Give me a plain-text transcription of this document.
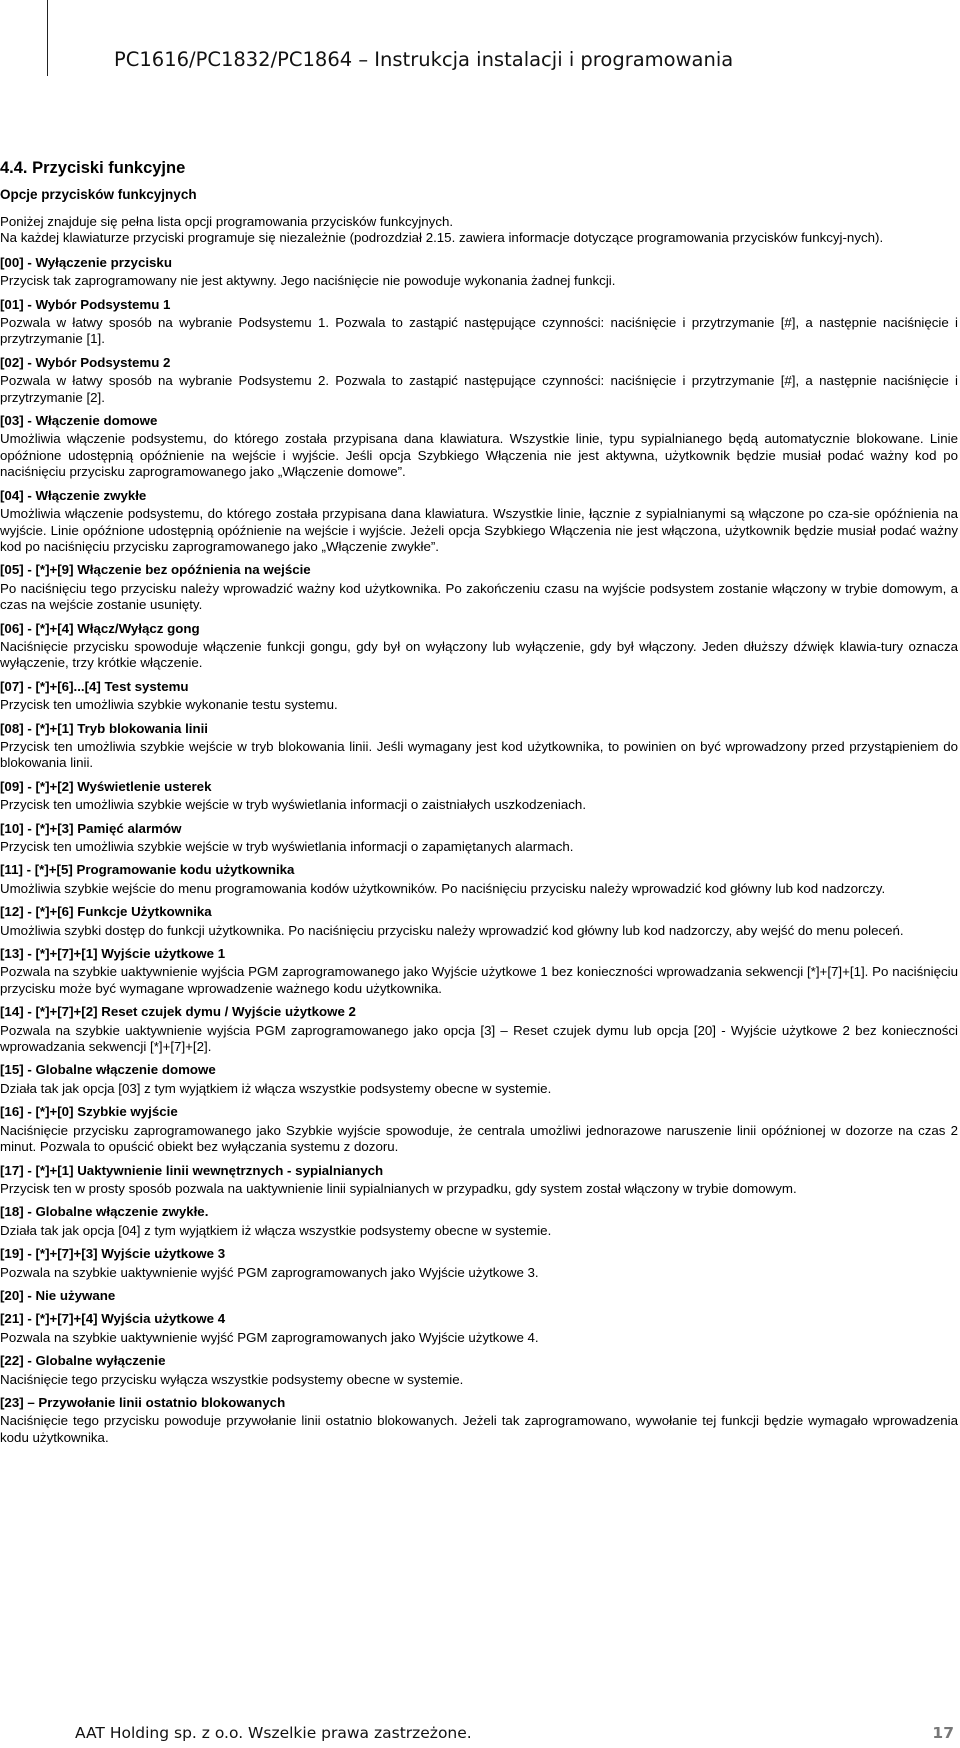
PC1616/PC1832/PC1864 – Instrukcja instalacji i programowania
4.4. Przyciski funkcyjne
Opcje przycisków funkcyjnych

Poniżej znajduje się pełna lista opcji programowania przycisków funkcyjnych.

Na każdej klawiaturze przyciski programuje się niezależnie (podrozdział 2.15. zawiera informacje dotyczące programowania przycisków funkcyj-nych).

[00] - Wyłączenie przycisku

Przycisk tak zaprogramowany nie jest aktywny. Jego naciśnięcie nie powoduje wykonania żadnej funkcji.

[01] - Wybór Podsystemu 1

Pozwala w łatwy sposób na wybranie Podsystemu 1. Pozwala to zastąpić następujące czynności: naciśnięcie i przytrzymanie [#], a następnie naciśnięcie i przytrzymanie [1].

[02] - Wybór Podsystemu 2

Pozwala w łatwy sposób na wybranie Podsystemu 2. Pozwala to zastąpić następujące czynności: naciśnięcie i przytrzymanie [#], a następnie naciśnięcie i przytrzymanie [2].

[03] - Włączenie domowe

Umożliwia włączenie podsystemu, do którego została przypisana dana klawiatura. Wszystkie linie, typu sypialnianego będą automatycznie blokowane. Linie opóźnione udostępnią opóźnienie na wejście i wyjście. Jeśli opcja Szybkiego Włączenia nie jest aktywna, użytkownik będzie musiał podać ważny kod po naciśnięciu przycisku zaprogramowanego jako „Włączenie domowe”.

[04] - Włączenie zwykłe

Umożliwia włączenie podsystemu, do którego została przypisana dana klawiatura. Wszystkie linie, łącznie z sypialnianymi są włączone po cza-sie opóźnienia na wyjście. Linie opóźnione udostępnią opóźnienie na wejście i wyjście. Jeżeli opcja Szybkiego Włączenia nie jest włączona, użytkownik będzie musiał podać ważny kod po naciśnięciu przycisku zaprogramowanego jako „Włączenie zwykłe”.

[05] - [*]+[9] Włączenie bez opóźnienia na wejście

Po naciśnięciu tego przycisku należy wprowadzić ważny kod użytkownika. Po zakończeniu czasu na wyjście podsystem zostanie włączony w trybie domowym, a czas na wejście zostanie usunięty.

[06] - [*]+[4] Włącz/Wyłącz gong

Naciśnięcie przycisku spowoduje włączenie funkcji gongu, gdy był on wyłączony lub wyłączenie, gdy był włączony. Jeden dłuższy dźwięk klawia-tury oznacza wyłączenie, trzy krótkie włączenie.

[07] - [*]+[6]...[4] Test systemu

Przycisk ten umożliwia szybkie wykonanie testu systemu.

[08] - [*]+[1] Tryb blokowania linii

Przycisk ten umożliwia szybkie wejście w tryb blokowania linii. Jeśli wymagany jest kod użytkownika, to powinien on być wprowadzony przed przystąpieniem do blokowania linii.

[09] - [*]+[2] Wyświetlenie usterek

Przycisk ten umożliwia szybkie wejście w tryb wyświetlania informacji o zaistniałych uszkodzeniach.

[10] - [*]+[3] Pamięć alarmów

Przycisk ten umożliwia szybkie wejście w tryb wyświetlania informacji o zapamiętanych alarmach.

[11] - [*]+[5] Programowanie kodu użytkownika

Umożliwia szybkie wejście do menu programowania kodów użytkowników. Po naciśnięciu przycisku należy wprowadzić kod główny lub kod nadzorczy.

[12] - [*]+[6] Funkcje Użytkownika

Umożliwia szybki dostęp do funkcji użytkownika. Po naciśnięciu przycisku należy wprowadzić kod główny lub kod nadzorczy, aby wejść do menu poleceń.

[13] - [*]+[7]+[1] Wyjście użytkowe 1

Pozwala na szybkie uaktywnienie wyjścia PGM zaprogramowanego jako Wyjście użytkowe 1 bez konieczności wprowadzania sekwencji [*]+[7]+[1]. Po naciśnięciu przycisku może być wymagane wprowadzenie ważnego kodu użytkownika.

[14] - [*]+[7]+[2] Reset czujek dymu / Wyjście użytkowe 2

Pozwala na szybkie uaktywnienie wyjścia PGM zaprogramowanego jako opcja [3] – Reset czujek dymu lub opcja [20] - Wyjście użytkowe 2 bez konieczności wprowadzania sekwencji [*]+[7]+[2].

[15] - Globalne włączenie domowe

Działa tak jak opcja [03] z tym wyjątkiem iż włącza wszystkie podsystemy obecne w systemie.

[16] - [*]+[0] Szybkie wyjście

Naciśnięcie przycisku zaprogramowanego jako Szybkie wyjście spowoduje, że centrala umożliwi jednorazowe naruszenie linii opóźnionej w dozorze na czas 2 minut. Pozwala to opuścić obiekt bez wyłączania systemu z dozoru.

[17] - [*]+[1] Uaktywnienie linii wewnętrznych - sypialnianych

Przycisk ten w prosty sposób pozwala na uaktywnienie linii sypialnianych w przypadku, gdy system został włączony w trybie domowym.

[18] - Globalne włączenie zwykłe.

Działa tak jak opcja [04] z tym wyjątkiem iż włącza wszystkie podsystemy obecne w systemie.

[19] - [*]+[7]+[3] Wyjście użytkowe 3

Pozwala na szybkie uaktywnienie wyjść PGM zaprogramowanych jako Wyjście użytkowe 3.

[20] - Nie używane
[21] - [*]+[7]+[4] Wyjścia użytkowe 4

Pozwala na szybkie uaktywnienie wyjść PGM zaprogramowanych jako Wyjście użytkowe 4.

[22] - Globalne wyłączenie

Naciśnięcie tego przycisku wyłącza wszystkie podsystemy obecne w systemie.

[23] – Przywołanie linii ostatnio blokowanych

Naciśnięcie tego przycisku powoduje przywołanie linii ostatnio blokowanych. Jeżeli tak zaprogramowano, wywołanie tej funkcji będzie wymagało wprowadzenia kodu użytkownika.

AAT Holding sp. z o.o. Wszelkie prawa zastrzeżone.	17
